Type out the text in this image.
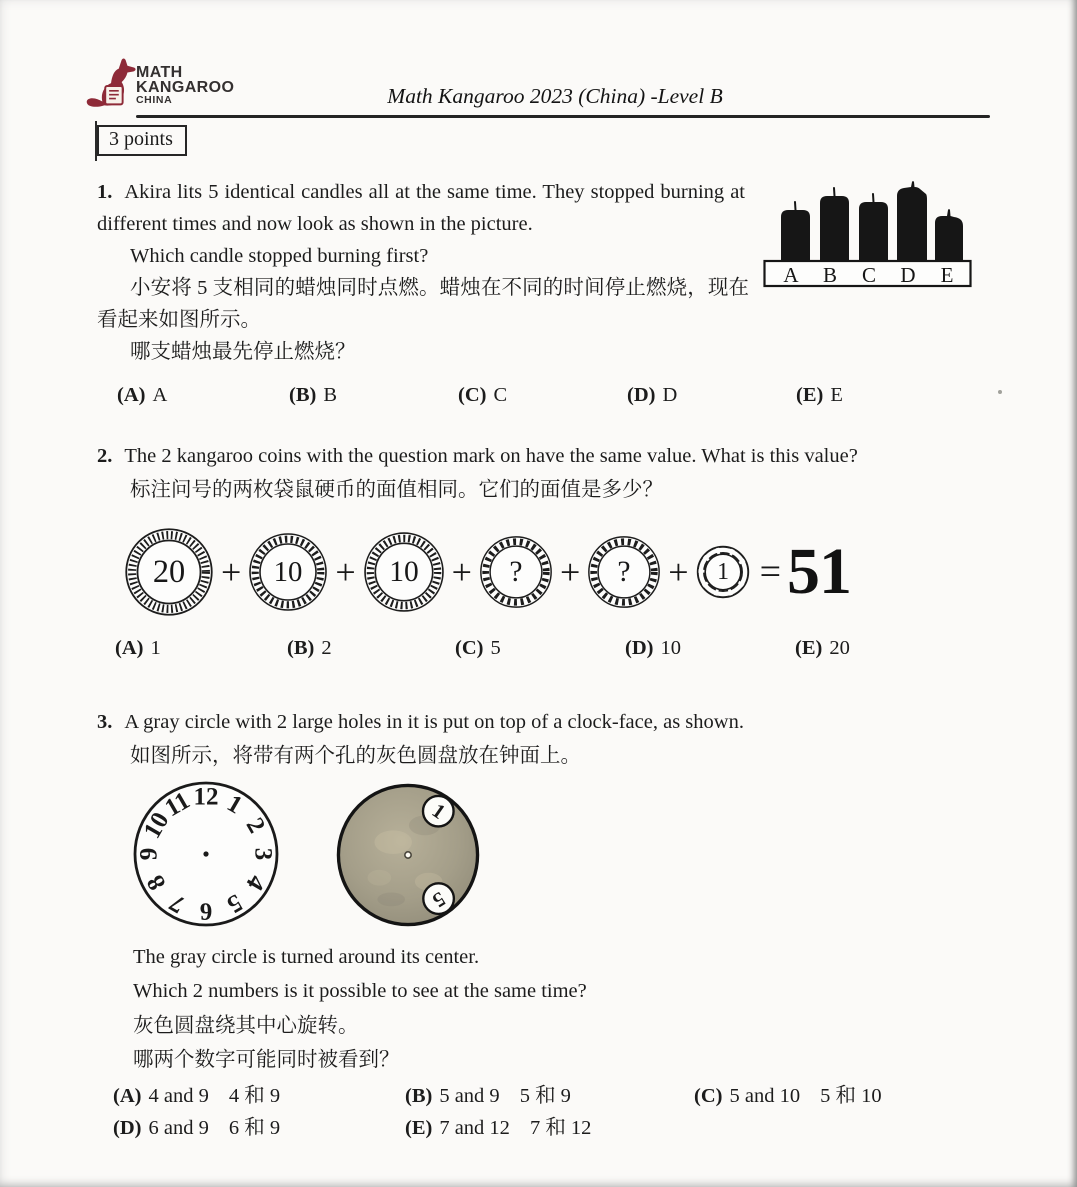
MATH
KANGAROO
CHINA	Math Kangaroo 2023 (China) -Level B
3 points
1. Akira lits 5 identical candles all at the same time. They stopped burning at different times and now look as shown in the picture.
Which candle stopped burning first?
小安将 5 支相同的蜡烛同时点燃。蜡烛在不同的时间停止燃烧，现在看起来如图所示。
哪支蜡烛最先停止燃烧？
A B C D E
(A) A	(B) B	(C) C	(D) D	(E) E
2. The 2 kangaroo coins with the question mark on have the same value. What is this value?
标注问号的两枚袋鼠硬币的面值相同。它们的面值是多少？
20 + 10 + 10 + ? + ? + 1 = 51
(A) 1	(B) 2	(C) 5	(D) 10	(E) 20
3. A gray circle with 2 large holes in it is put on top of a clock-face, as shown.
如图所示，将带有两个孔的灰色圆盘放在钟面上。
1
2
3
4
5
6
7
8
9
10
11 12
1
5
The gray circle is turned around its center.
Which 2 numbers is it possible to see at the same time?
灰色圆盘绕其中心旋转。
哪两个数字可能同时被看到？
(A) 4 and 9 4 和 9	(B) 5 and 9 5 和 9	(C) 5 and 10 5 和 10
(D) 6 and 9 6 和 9	(E) 7 and 12 7 和 12
